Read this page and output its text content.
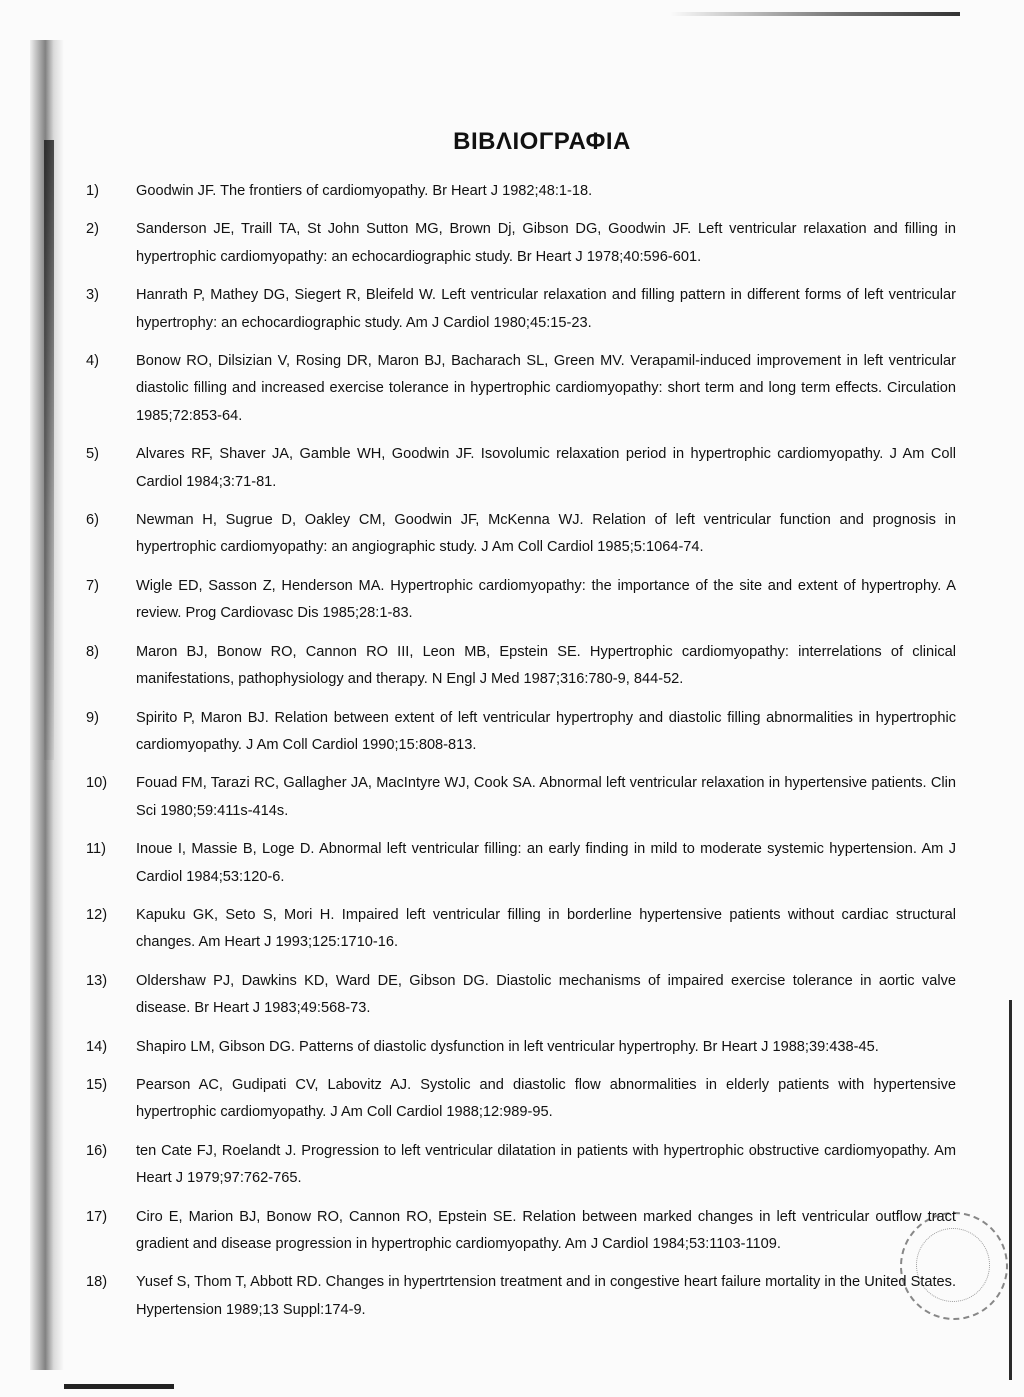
ΒΙΒΛΙΟΓΡΑΦΙΑ
1)	Goodwin JF. The frontiers of cardiomyopathy. Br Heart J 1982;48:1-18.
2)	Sanderson JE, Traill TA, St John Sutton MG, Brown Dj, Gibson DG, Goodwin JF. Left ventricular relaxation and filling in hypertrophic cardiomyopathy: an echocardiographic study. Br Heart J 1978;40:596-601.
3)	Hanrath P, Mathey DG, Siegert R, Bleifeld W. Left ventricular relaxation and filling pattern in different forms of left ventricular hypertrophy: an echocardiographic study. Am J Cardiol 1980;45:15-23.
4)	Bonow RO, Dilsizian V, Rosing DR, Maron BJ, Bacharach SL, Green MV. Verapamil-induced improvement in left ventricular diastolic filling and increased exercise tolerance in hypertrophic cardiomyopathy: short term and long term effects. Circulation 1985;72:853-64.
5)	Alvares RF, Shaver JA, Gamble WH, Goodwin JF. Isovolumic relaxation period in hypertrophic cardiomyopathy. J Am Coll Cardiol 1984;3:71-81.
6)	Newman H, Sugrue D, Oakley CM, Goodwin JF, McKenna WJ. Relation of left ventricular function and prognosis in hypertrophic cardiomyopathy: an angiographic study. J Am Coll Cardiol 1985;5:1064-74.
7)	Wigle ED, Sasson Z, Henderson MA. Hypertrophic cardiomyopathy: the importance of the site and extent of hypertrophy. A review. Prog Cardiovasc Dis 1985;28:1-83.
8)	Maron BJ, Bonow RO, Cannon RO III, Leon MB, Epstein SE. Hypertrophic cardiomyopathy: interrelations of clinical manifestations, pathophysiology and therapy. N Engl J Med 1987;316:780-9, 844-52.
9)	Spirito P, Maron BJ. Relation between extent of left ventricular hypertrophy and diastolic filling abnormalities in hypertrophic cardiomyopathy. J Am Coll Cardiol 1990;15:808-813.
10)	Fouad FM, Tarazi RC, Gallagher JA, MacIntyre WJ, Cook SA. Abnormal left ventricular relaxation in hypertensive patients. Clin Sci 1980;59:411s-414s.
11)	Inoue I, Massie B, Loge D. Abnormal left ventricular filling: an early finding in mild to moderate systemic hypertension. Am J Cardiol 1984;53:120-6.
12)	Kapuku GK, Seto S, Mori H. Impaired left ventricular filling in borderline hypertensive patients without cardiac structural changes. Am Heart J 1993;125:1710-16.
13)	Oldershaw PJ, Dawkins KD, Ward DE, Gibson DG. Diastolic mechanisms of impaired exercise tolerance in aortic valve disease. Br Heart J 1983;49:568-73.
14)	Shapiro LM, Gibson DG. Patterns of diastolic dysfunction in left ventricular hypertrophy. Br Heart J 1988;39:438-45.
15)	Pearson AC, Gudipati CV, Labovitz AJ. Systolic and diastolic flow abnormalities in elderly patients with hypertensive hypertrophic cardiomyopathy. J Am Coll Cardiol 1988;12:989-95.
16)	ten Cate FJ, Roelandt J. Progression to left ventricular dilatation in patients with hypertrophic obstructive cardiomyopathy. Am Heart J 1979;97:762-765.
17)	Ciro E, Marion BJ, Bonow RO, Cannon RO, Epstein SE. Relation between marked changes in left ventricular outflow tract gradient and disease progression in hypertrophic cardiomyopathy. Am J Cardiol 1984;53:1103-1109.
18)	Yusef S, Thom T, Abbott RD. Changes in hypertrtension treatment and in congestive heart failure mortality in the United States. Hypertension 1989;13 Suppl:174-9.
